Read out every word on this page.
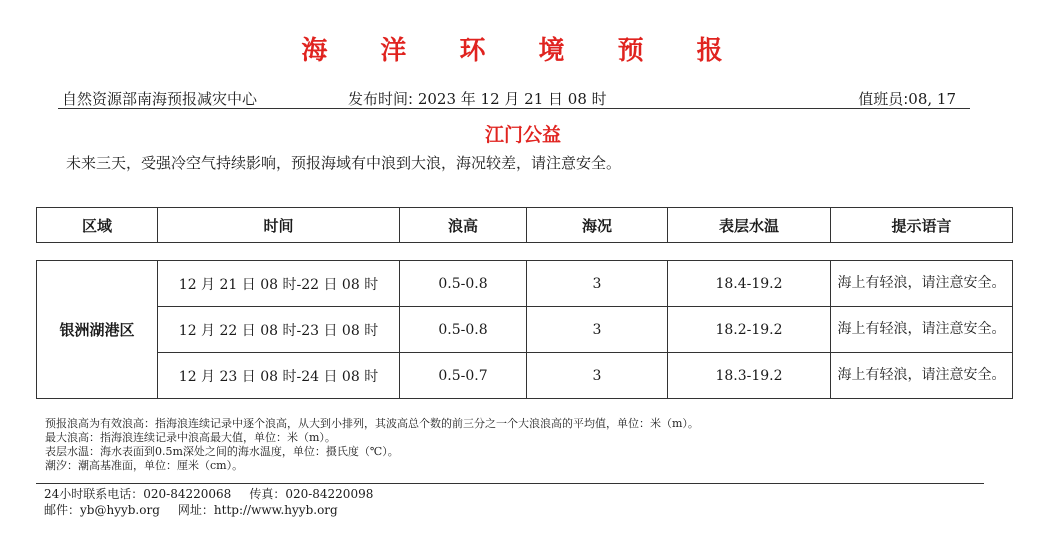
海 洋 环 境 预 报
自然资源部南海预报减灾中心	发布时间: 2023 年 12 月 21 日 08 时	值班员:08, 17
江门公益
未来三天，受强冷空气持续影响，预报海域有中浪到大浪，海况较差，请注意安全。
区域	时间	浪高	海况	表层水温	提示语言
银洲湖港区	12 月 21 日 08 时-22 日 08 时	0.5-0.8	3	18.4-19.2	海上有轻浪，请注意安全。
	12 月 22 日 08 时-23 日 08 时	0.5-0.8	3	18.2-19.2	海上有轻浪，请注意安全。
	12 月 23 日 08 时-24 日 08 时	0.5-0.7	3	18.3-19.2	海上有轻浪，请注意安全。
预报浪高为有效浪高：指海浪连续记录中逐个浪高，从大到小排列，其波高总个数的前三分之一个大浪浪高的平均值，单位：米（m）。
最大浪高：指海浪连续记录中浪高最大值，单位：米（m）。
表层水温：海水表面到0.5m深处之间的海水温度，单位：摄氏度（℃）。
潮汐：潮高基准面，单位：厘米（cm）。
24小时联系电话：020-84220068 传真：020-84220098
邮件：yb@hyyb.org 网址：http://www.hyyb.org
